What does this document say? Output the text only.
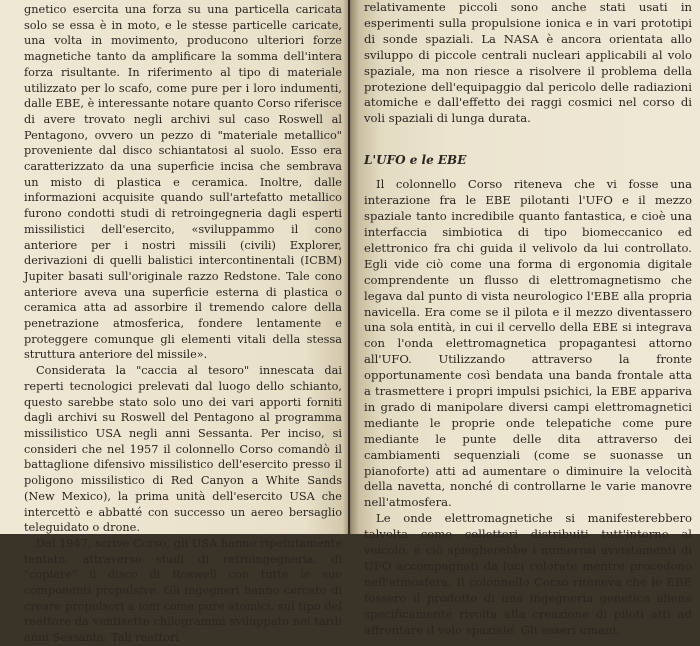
gnetico esercita una forza su una particella caricata solo se essa è in moto, e le stesse particelle caricate, una volta in movimento, producono ulteriori forze magnetiche tanto da amplificare la somma dell'intera forza risultante. In riferimento al tipo di materiale utilizzato per lo scafo, come pure per i loro indumenti, dalle EBE, è interessante notare quanto Corso riferisce di avere trovato negli archivi sul caso Roswell al Pentagono, ovvero un pezzo di "materiale metallico" proveniente dal disco schiantatosi al suolo. Esso era caratterizzato da una superficie incisa che sembrava un misto di plastica e ceramica. Inoltre, dalle informazioni acquisite quando sull'artefatto metallico furono condotti studi di retroingegneria dagli esperti missilistici dell'esercito, «sviluppammo il cono anteriore per i nostri missili (civili) Explorer, derivazioni di quelli balistici intercontinentali (ICBM) Jupiter basati sull'originale razzo Redstone. Tale cono anteriore aveva una superficie esterna di plastica o ceramica atta ad assorbire il tremendo calore della penetrazione atmosferica, fondere lentamente e proteggere comunque gli elementi vitali della stessa struttura anteriore del missile».

Considerata la "caccia al tesoro" innescata dai reperti tecnologici prelevati dal luogo dello schianto, questo sarebbe stato solo uno dei vari apporti forniti dagli archivi su Roswell del Pentagono al programma missilistico USA negli anni Sessanta. Per inciso, si consideri che nel 1957 il colonnello Corso comandò il battaglione difensivo missilistico dell'esercito presso il poligono missilistico di Red Canyon a White Sands (New Mexico), la prima unità dell'esercito USA che intercettò e abbatté con successo un aereo bersaglio teleguidato o drone.

Dal 1947, scrive Corso, gli USA hanno ripetutamente tentato, attraverso studi di retroingegneria, di "copiare" il disco di Roswell con tutte le sue componenti propulsive. Gli ingegneri hanno cercato di creare propulsori a ioni come pure atomici, sul tipo del reattore da ventisette chilogrammi sviluppato nei tardi anni Sessanta. Tali reattori

relativamente piccoli sono anche stati usati in esperimenti sulla propulsione ionica e in vari prototipi di sonde spaziali. La NASA è ancora orientata allo sviluppo di piccole centrali nucleari applicabili al volo spaziale, ma non riesce a risolvere il problema della protezione dell'equipaggio dal pericolo delle radiazioni atomiche e dall'effetto dei raggi cosmici nel corso di voli spaziali di lunga durata.

L'UFO e le EBE

Il colonnello Corso riteneva che vi fosse una interazione fra le EBE pilotanti l'UFO e il mezzo spaziale tanto incredibile quanto fantastica, e cioè una interfaccia simbiotica di tipo biomeccanico ed elettronico fra chi guida il velivolo da lui controllato. Egli vide ciò come una forma di ergonomia digitale comprendente un flusso di elettromagnetismo che legava dal punto di vista neurologico l'EBE alla propria navicella. Era come se il pilota e il mezzo diventassero una sola entità, in cui il cervello della EBE si integrava con l'onda elettromagnetica propagantesi attorno all'UFO. Utilizzando attraverso la fronte opportunamente così bendata una banda frontale atta a trasmettere i propri impulsi psichici, la EBE appariva in grado di manipolare diversi campi elettromagnetici mediante le proprie onde telepatiche come pure mediante le punte delle dita attraverso dei cambiamenti sequenziali (come se suonasse un pianoforte) atti ad aumentare o diminuire la velocità della navetta, nonché di controllarne le varie manovre nell'atmosfera.

Le onde elettromagnetiche si manifesterebbero talvolta come collettori distribuiti tutt'intorno al veicolo, e ciò spiegherebbe i numerosi avvistamenti di UFO accompagnati da luci colorate mentre procedono nell'atmosfera. Il colonnello Corso riteneva che le EBE fossero il prodotto di una ingegneria genetica aliena specificamente rivolta alla creazione di piloti atti ad affrontare il volo spaziale. Gli esseri umani,
